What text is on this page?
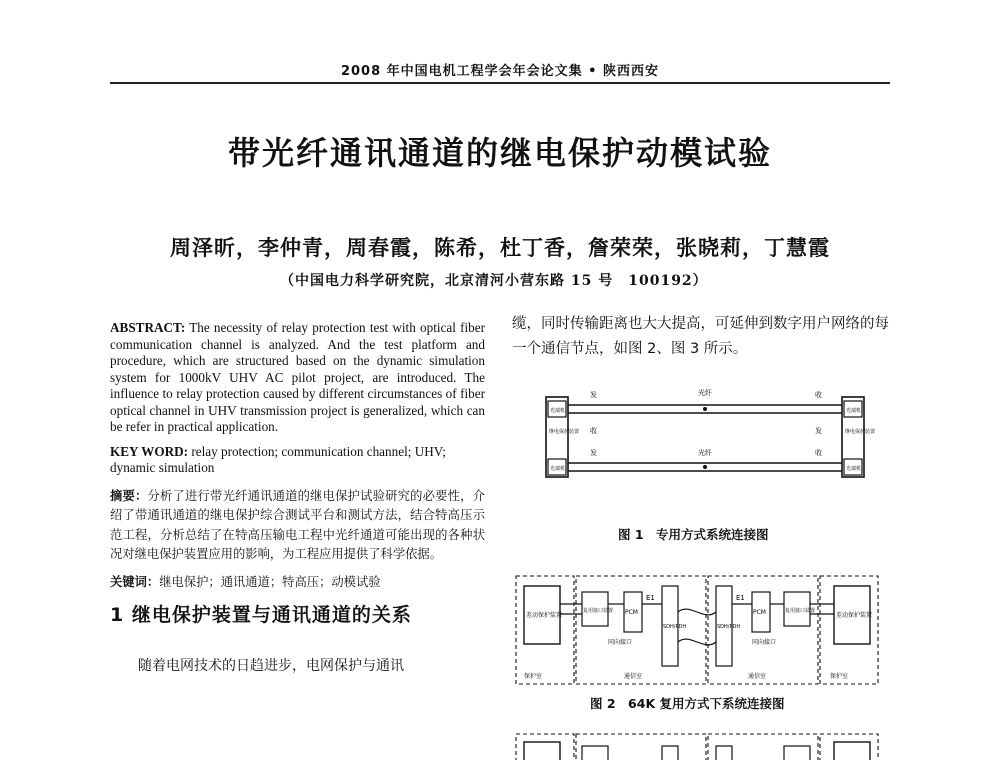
2008 年中国电机工程学会年会论文集 • 陕西西安
带光纤通讯通道的继电保护动模试验
周泽昕，李仲青，周春霞，陈希，杜丁香，詹荣荣，张晓莉，丁慧霞
（中国电力科学研究院，北京清河小营东路 15 号　100192）

ABSTRACT: The necessity of relay protection test with optical fiber communication channel is analyzed. And the test platform and procedure, which are structured based on the dynamic simulation system for 1000kV UHV AC pilot project, are introduced. The influence to relay protection caused by different circumstances of fiber optical channel in UHV transmission project is generalized, which can be refer in practical application.

KEY WORD: relay protection; communication channel; UHV; dynamic simulation

摘要：分析了进行带光纤通讯通道的继电保护试验研究的必要性，介绍了带通讯通道的继电保护综合测试平台和测试方法，结合特高压示范工程，分析总结了在特高压输电工程中光纤通道可能出现的各种状况对继电保护装置应用的影响，为工程应用提供了科学依据。

关键词：继电保护；通讯通道；特高压；动模试验

1 继电保护装置与通讯通道的关系

随着电网技术的日趋进步，电网保护与通讯

缆，同时传输距离也大大提高，可延伸到数字用户网络的每一个通信节点，如图 2、图 3 所示。

光纤
光纤
发	收
收	发
发	收
继电保护装置	继电保护装置
光端机	光端机
光端机	光端机
图 1　专用方式系统连接图
差动保护装置	差动保护装置
复用接口装置	复用接口装置
PCM	PCM
E1	E1
SDH/PDH	SDH/PDH
同向接口	同向接口
保护室	通信室	通信室	保护室
图 2　64K 复用方式下系统连接图
